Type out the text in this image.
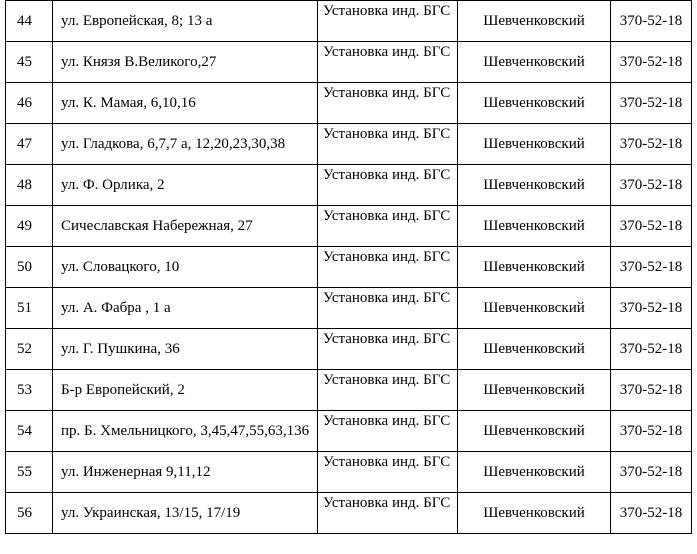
44	ул. Европейская, 8; 13 а	Установка инд. БГС	Шевченковский	370-52-18
45	ул. Князя В.Великого,27	Установка инд. БГС	Шевченковский	370-52-18
46	ул. К. Мамая, 6,10,16	Установка инд. БГС	Шевченковский	370-52-18
47	ул. Гладкова, 6,7,7 а, 12,20,23,30,38	Установка инд. БГС	Шевченковский	370-52-18
48	ул. Ф. Орлика, 2	Установка инд. БГС	Шевченковский	370-52-18
49	Сичеславская Набережная, 27	Установка инд. БГС	Шевченковский	370-52-18
50	ул. Словацкого, 10	Установка инд. БГС	Шевченковский	370-52-18
51	ул. А. Фабра , 1 а	Установка инд. БГС	Шевченковский	370-52-18
52	ул. Г. Пушкина, 36	Установка инд. БГС	Шевченковский	370-52-18
53	Б-р Европейский, 2	Установка инд. БГС	Шевченковский	370-52-18
54	пр. Б. Хмельницкого, 3,45,47,55,63,136	Установка инд. БГС	Шевченковский	370-52-18
55	ул. Инженерная 9,11,12	Установка инд. БГС	Шевченковский	370-52-18
56	ул. Украинская, 13/15, 17/19	Установка инд. БГС	Шевченковский	370-52-18
